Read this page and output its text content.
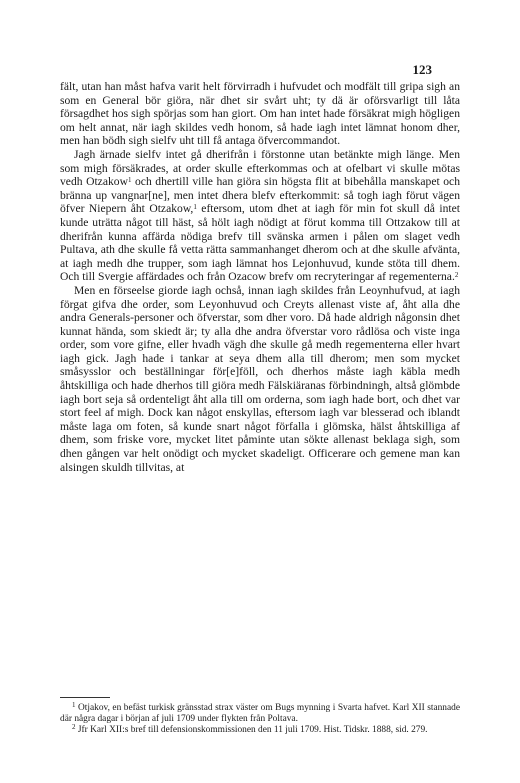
123

fält, utan han måst hafva varit helt förvirradh i hufvudet och modfält till gripa sigh an som en General bör giöra, när dhet sir svårt uht; ty dä är oförsvarligt till låta försagdhet hos sigh spörjas som han giort. Om han intet hade försäkrat migh högligen om helt annat, när iagh skildes vedh honom, så hade iagh intet lämnat honom dher, men han bödh sigh sielfv uht till få antaga öfvercommandot.

Jagh ärnade sielfv intet gå dherifrån i förstonne utan betänkte migh länge. Men som migh försäkrades, at order skulle efterkommas och at ofelbart vi skulle mötas vedh Otzakow$^1$ och dhertill ville han giöra sin högsta flit at bibehålla manskapet och bränna up vangnar[ne], men intet dhera blefv efterkommit: så togh iagh förut vägen öfver Niepern åht Otzakow,$^1$ eftersom, utom dhet at iagh för min fot skull då intet kunde uträtta något till häst, så hölt iagh nödigt at förut komma till Ottzakow till at dherifrån kunna affärda nödiga brefv till svänska armen i pålen om slaget vedh Pultava, ath dhe skulle få vetta rätta sammanhanget dherom och at dhe skulle afvänta, at iagh medh dhe trupper, som iagh lämnat hos Lejonhuvud, kunde stöta till dhem. Och till Svergie affärdades och från Ozacow brefv om recryteringar af regementerna.$^2$

Men en förseelse giorde iagh ochså, innan iagh skildes från Leoynhufvud, at iagh förgat gifva dhe order, som Leyonhuvud och Creyts allenast viste af, åht alla dhe andra Generals-personer och öfverstar, som dher voro. Då hade aldrigh någonsin dhet kunnat hända, som skiedt är; ty alla dhe andra öfverstar voro rådlösa och viste inga order, som vore gifne, eller hvadh vägh dhe skulle gå medh regementerna eller hvart iagh gick. Jagh hade i tankar at seya dhem alla till dherom; men som mycket småsysslor och beställningar för[e]föll, och dherhos måste iagh käbla medh åhtskilliga och hade dherhos till giöra medh Fälskiäranas förbindningh, altså glömbde iagh bort seja så ordenteligt åht alla till om orderna, som iagh hade bort, och dhet var stort feel af migh. Dock kan något enskyllas, eftersom iagh var blesserad och iblandt måste laga om foten, så kunde snart något förfalla i glömska, hälst åhtskilliga af dhem, som friske vore, mycket litet påminte utan sökte allenast beklaga sigh, som dhen gången var helt onödigt och mycket skadeligt. Officerare och gemene man kan alsingen skuldh tillvitas, at

$^1$ Otjakov, en befäst turkisk gränsstad strax väster om Bugs mynning i Svarta hafvet. Karl XII stannade där några dagar i början af juli 1709 under flykten från Poltava.

$^2$ Jfr Karl XII:s bref till defensionskommissionen den 11 juli 1709. Hist. Tidskr. 1888, sid. 279.
